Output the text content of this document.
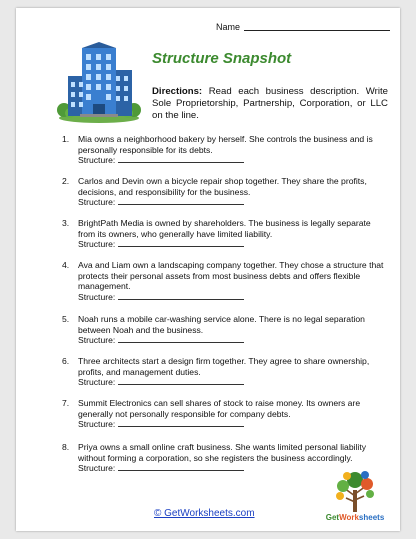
Name
Structure Snapshot

Directions: Read each business description. Write Sole Proprietorship, Partnership, Corporation, or LLC on the line.

1.	Mia owns a neighborhood bakery by herself. She controls the business and is personally responsible for its debts.
Structure:
2.	Carlos and Devin own a bicycle repair shop together. They share the profits, decisions, and responsibility for the business.
Structure:
3.	BrightPath Media is owned by shareholders. The business is legally separate from its owners, who generally have limited liability.
Structure:
4.	Ava and Liam own a landscaping company together. They chose a structure that protects their personal assets from most business debts and offers flexible management.
Structure:
5.	Noah runs a mobile car-washing service alone. There is no legal separation between Noah and the business.
Structure:
6.	Three architects start a design firm together. They agree to share ownership, profits, and management duties.
Structure:
7.	Summit Electronics can sell shares of stock to raise money. Its owners are generally not personally responsible for company debts.
Structure:
8.	Priya owns a small online craft business. She wants limited personal liability without forming a corporation, so she registers the business accordingly.
Structure:
© GetWorksheets.com	GetWorksheets
